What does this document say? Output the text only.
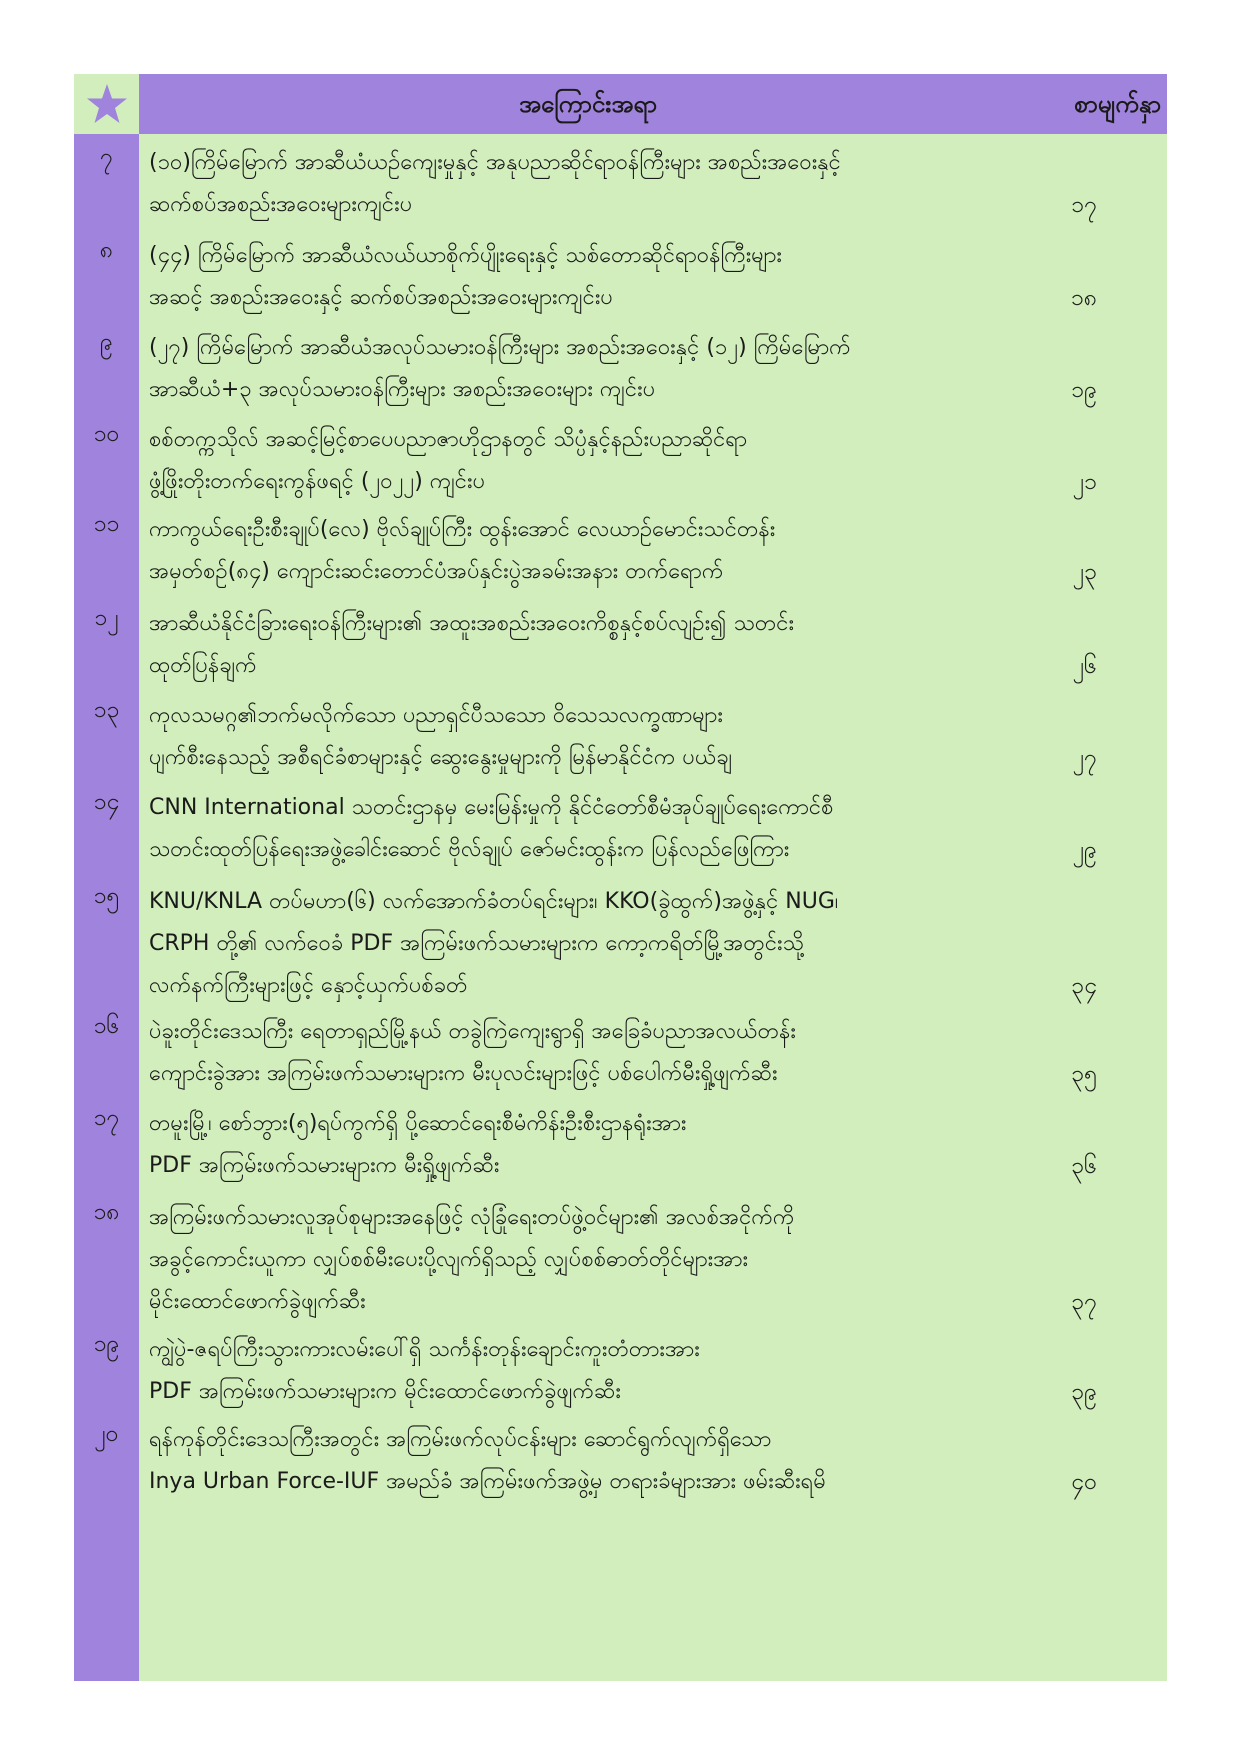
အကြောင်းအရာ	စာမျက်နှာ
၇	(၁၀)ကြိမ်မြောက် အာဆီယံယဉ်ကျေးမှုနှင့် အနုပညာဆိုင်ရာဝန်ကြီးများ အစည်းအဝေးနှင့်
ဆက်စပ်အစည်းအဝေးများကျင်းပ	၁၇
၈	(၄၄) ကြိမ်မြောက် အာဆီယံလယ်ယာစိုက်ပျိုးရေးနှင့် သစ်တောဆိုင်ရာဝန်ကြီးများ
အဆင့် အစည်းအဝေးနှင့် ဆက်စပ်အစည်းအဝေးများကျင်းပ	၁၈
၉	(၂၇) ကြိမ်မြောက် အာဆီယံအလုပ်သမားဝန်ကြီးများ အစည်းအဝေးနှင့် (၁၂) ကြိမ်မြောက်
အာဆီယံ+၃ အလုပ်သမားဝန်ကြီးများ အစည်းအဝေးများ ကျင်းပ	၁၉
၁၀	စစ်တက္ကသိုလ် အဆင့်မြင့်စာပေပညာဇာဟိုဌာနတွင် သိပ္ပံနှင့်နည်းပညာဆိုင်ရာ
ဖွံ့ဖြိုးတိုးတက်ရေးကွန်ဖရင့် (၂၀၂၂) ကျင်းပ	၂၁
၁၁	ကာကွယ်ရေးဦးစီးချုပ်(လေ) ဗိုလ်ချုပ်ကြီး ထွန်းအောင် လေယာဉ်မောင်းသင်တန်း
အမှတ်စဉ်(၈၄) ကျောင်းဆင်းတောင်ပံအပ်နှင်းပွဲအခမ်းအနား တက်ရောက်	၂၃
၁၂	အာဆီယံနိုင်ငံခြားရေးဝန်ကြီးများ၏ အထူးအစည်းအဝေးကိစ္စနှင့်စပ်လျဉ်း၍ သတင်း
ထုတ်ပြန်ချက်	၂၆
၁၃	ကုလသမဂ္ဂ၏ဘက်မလိုက်သော ပညာရှင်ပီသသော ဝိသေသလက္ခဏာများ
ပျက်စီးနေသည့် အစီရင်ခံစာများနှင့် ဆွေးနွေးမှုများကို မြန်မာနိုင်ငံက ပယ်ချ	၂၇
၁၄	CNN International သတင်းဌာနမှ မေးမြန်းမှုကို နိုင်ငံတော်စီမံအုပ်ချုပ်ရေးကောင်စီ
သတင်းထုတ်ပြန်ရေးအဖွဲ့ခေါင်းဆောင် ဗိုလ်ချုပ် ဇော်မင်းထွန်းက ပြန်လည်ဖြေကြား	၂၉
၁၅	KNU/KNLA တပ်မဟာ(၆) လက်အောက်ခံတပ်ရင်းများ၊ KKO(ခွဲထွက်)အဖွဲ့နှင့် NUG၊
CRPH တို့၏ လက်ဝေခံ PDF အကြမ်းဖက်သမားများက ကော့ကရိတ်မြို့အတွင်းသို့
လက်နက်ကြီးများဖြင့် နှောင့်ယှက်ပစ်ခတ်	၃၄
၁၆	ပဲခူးတိုင်းဒေသကြီး ရေတာရှည်မြို့နယ် တခွဲကြဲကျေးရွာရှိ အခြေခံပညာအလယ်တန်း
ကျောင်းခွဲအား အကြမ်းဖက်သမားများက မီးပုလင်းများဖြင့် ပစ်ပေါက်မီးရှို့ဖျက်ဆီး	၃၅
၁၇	တမူးမြို့၊ စော်ဘွား(၅)ရပ်ကွက်ရှိ ပို့ဆောင်ရေးစီမံကိန်းဦးစီးဌာနရုံးအား
PDF အကြမ်းဖက်သမားများက မီးရှို့ဖျက်ဆီး	၃၆
၁၈	အကြမ်းဖက်သမားလူအုပ်စုများအနေဖြင့် လုံခြုံရေးတပ်ဖွဲ့ဝင်များ၏ အလစ်အငိုက်ကို
အခွင့်ကောင်းယူကာ လျှပ်စစ်မီးပေးပို့လျက်ရှိသည့် လျှပ်စစ်ဓာတ်တိုင်များအား
မိုင်းထောင်ဖောက်ခွဲဖျက်ဆီး	၃၇
၁၉	ကျွဲပွဲ-ဇရပ်ကြီးသွားကားလမ်းပေါ်ရှိ သင်္ကန်းတုန်းချောင်းကူးတံတားအား
PDF အကြမ်းဖက်သမားများက မိုင်းထောင်ဖောက်ခွဲဖျက်ဆီး	၃၉
၂၀	ရန်ကုန်တိုင်းဒေသကြီးအတွင်း အကြမ်းဖက်လုပ်ငန်းများ ဆောင်ရွက်လျက်ရှိသော
Inya Urban Force-IUF အမည်ခံ အကြမ်းဖက်အဖွဲ့မှ တရားခံများအား ဖမ်းဆီးရမိ	၄၀
